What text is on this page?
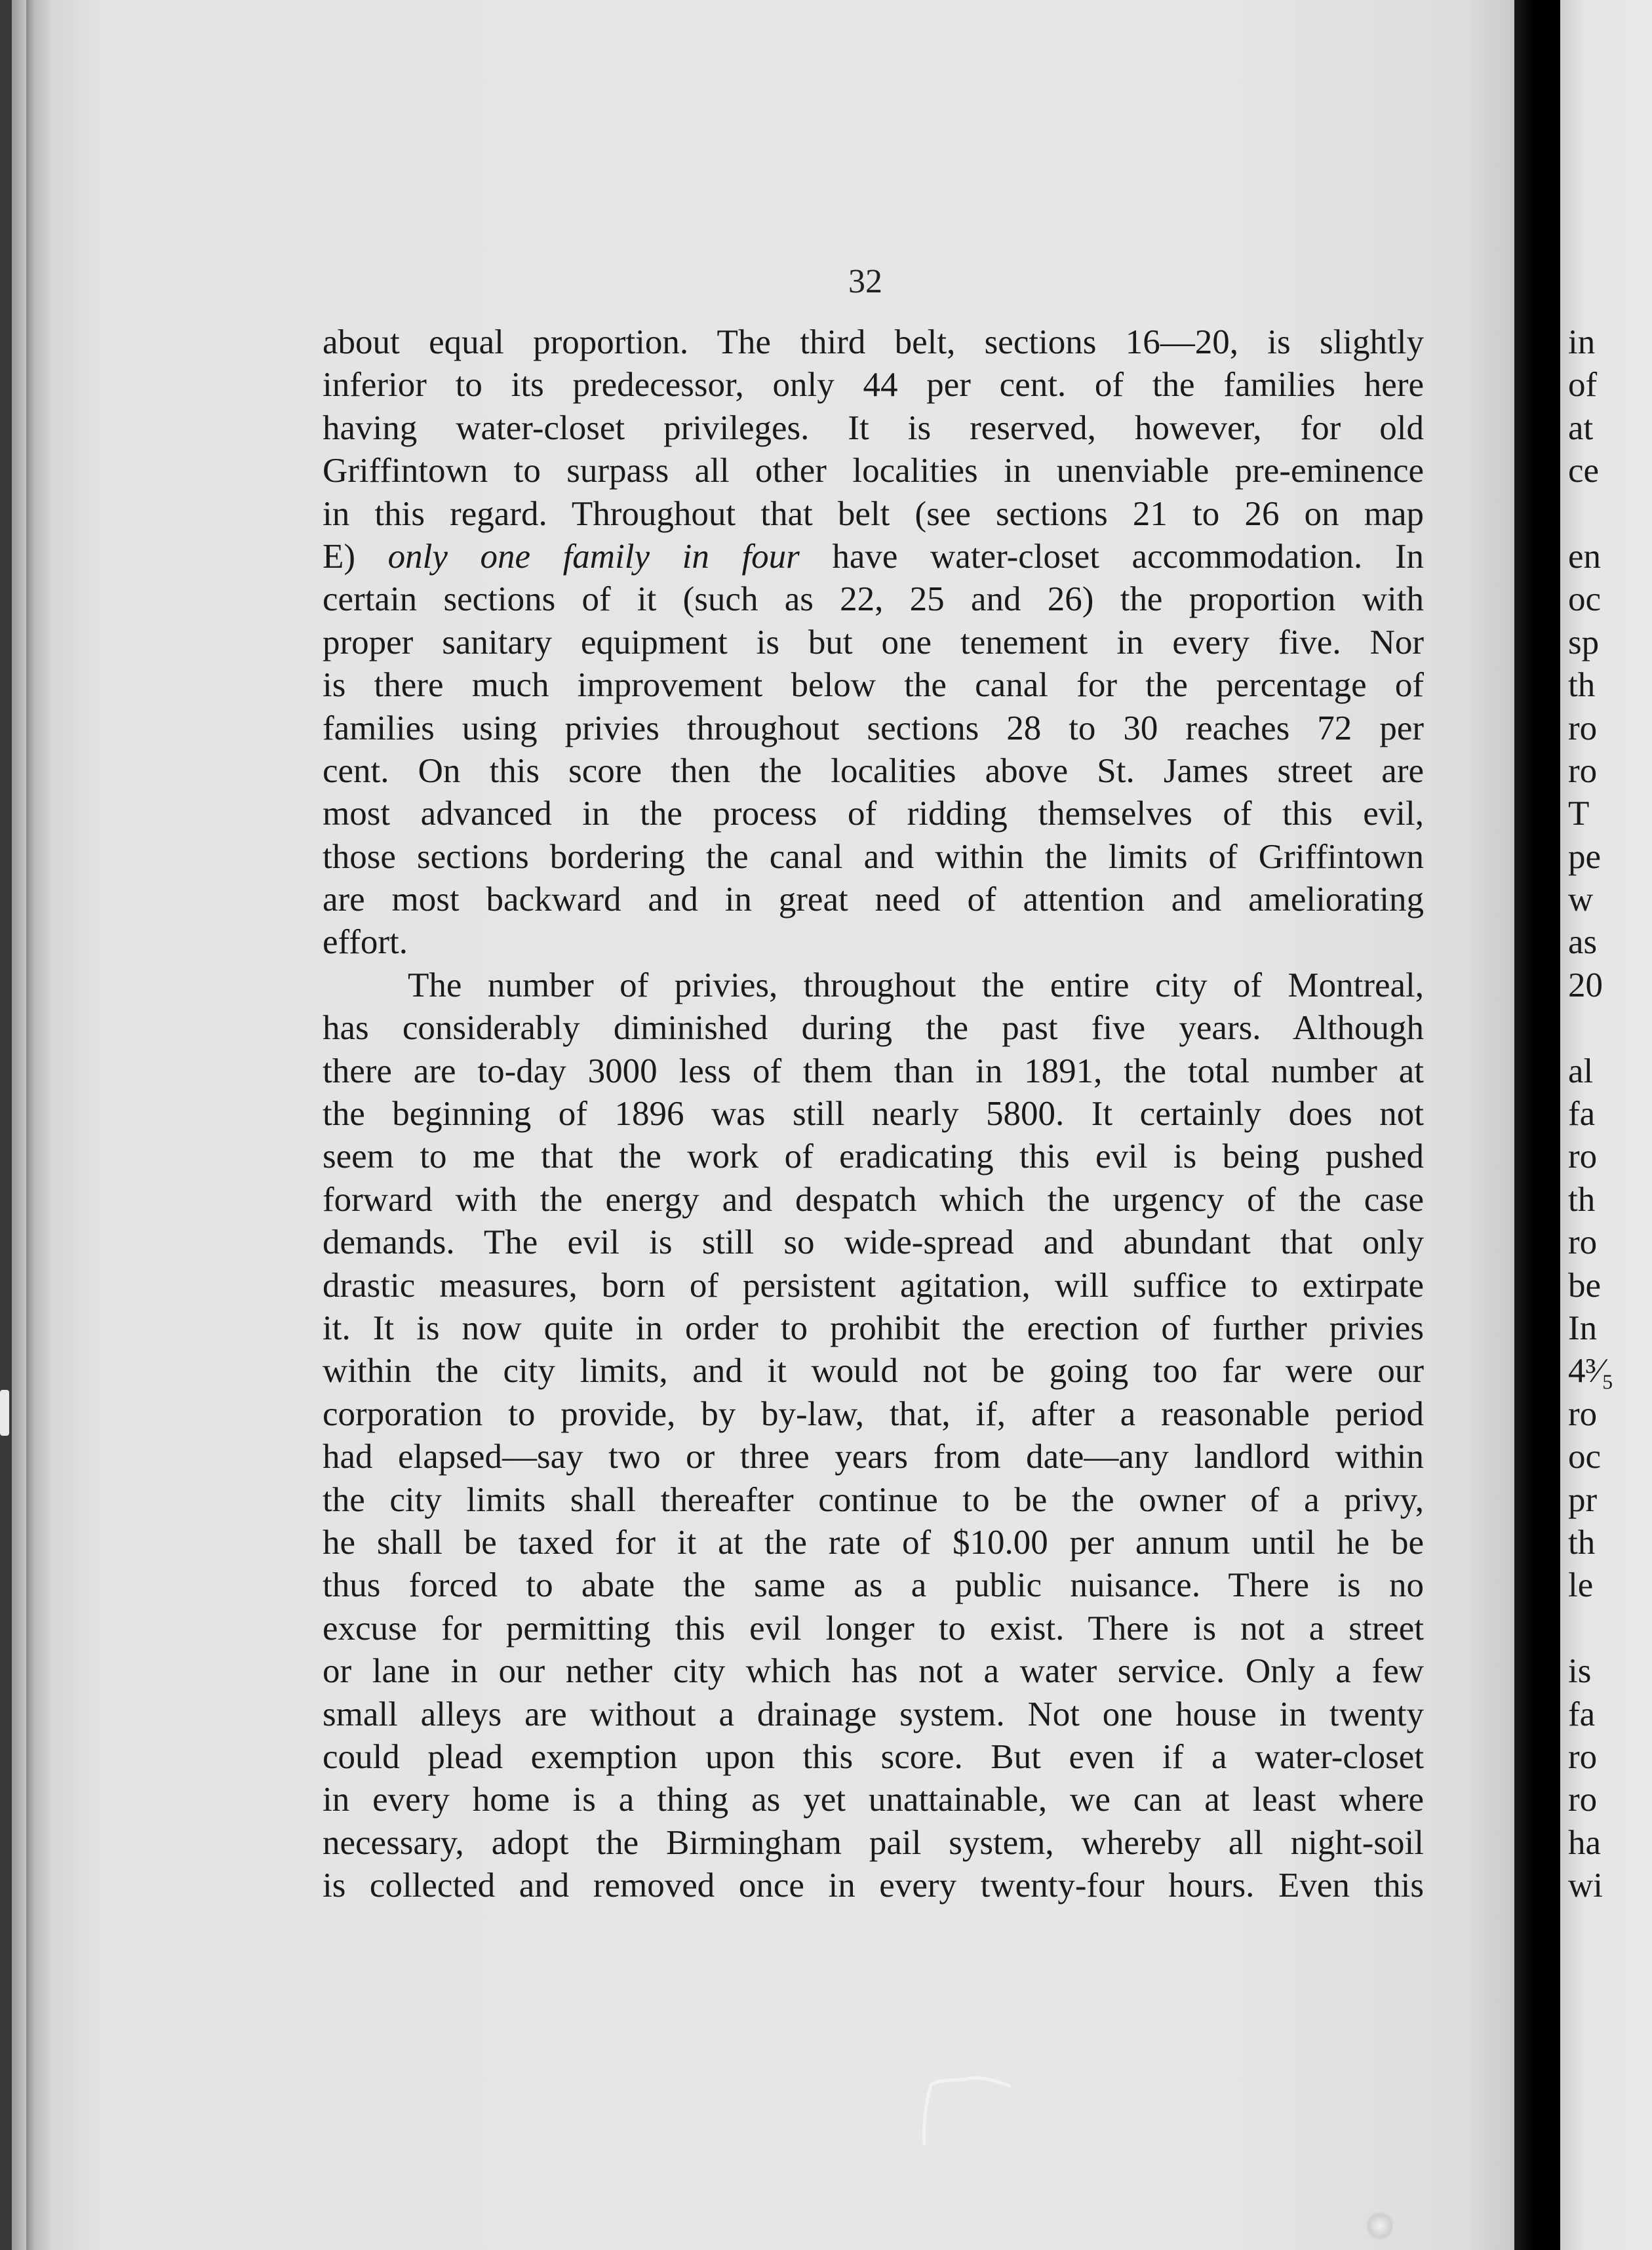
32
about equal proportion. The third belt, sections 16—20, is slightly
inferior to its predecessor, only 44 per cent. of the families here
having water-closet privileges. It is reserved, however, for old
Griffintown to surpass all other localities in unenviable pre-eminence
in this regard. Throughout that belt (see sections 21 to 26 on map
E) only one family in four have water-closet accommodation. In
certain sections of it (such as 22, 25 and 26) the proportion with
proper sanitary equipment is but one tenement in every five. Nor
is there much improvement below the canal for the percentage of
families using privies throughout sections 28 to 30 reaches 72 per
cent. On this score then the localities above St. James street are
most advanced in the process of ridding themselves of this evil,
those sections bordering the canal and within the limits of Griffintown
are most backward and in great need of attention and ameliorating
effort.
The number of privies, throughout the entire city of Montreal,
has considerably diminished during the past five years. Although
there are to-day 3000 less of them than in 1891, the total number at
the beginning of 1896 was still nearly 5800. It certainly does not
seem to me that the work of eradicating this evil is being pushed
forward with the energy and despatch which the urgency of the case
demands. The evil is still so wide-spread and abundant that only
drastic measures, born of persistent agitation, will suffice to extirpate
it. It is now quite in order to prohibit the erection of further privies
within the city limits, and it would not be going too far were our
corporation to provide, by by-law, that, if, after a reasonable period
had elapsed—say two or three years from date—any landlord within
the city limits shall thereafter continue to be the owner of a privy,
he shall be taxed for it at the rate of $10.00 per annum until he be
thus forced to abate the same as a public nuisance. There is no
excuse for permitting this evil longer to exist. There is not a street
or lane in our nether city which has not a water service. Only a few
small alleys are without a drainage system. Not one house in twenty
could plead exemption upon this score. But even if a water-closet
in every home is a thing as yet unattainable, we can at least where
necessary, adopt the Birmingham pail system, whereby all night-soil
is collected and removed once in every twenty-four hours. Even this
in
of
at
ce
en
oc
sp
th
ro
ro
T
pe
w
as
20
al
fa
ro
th
ro
be
In
4³⁄₅
ro
oc
pr
th
le
is
fa
ro
ro
ha
wi
